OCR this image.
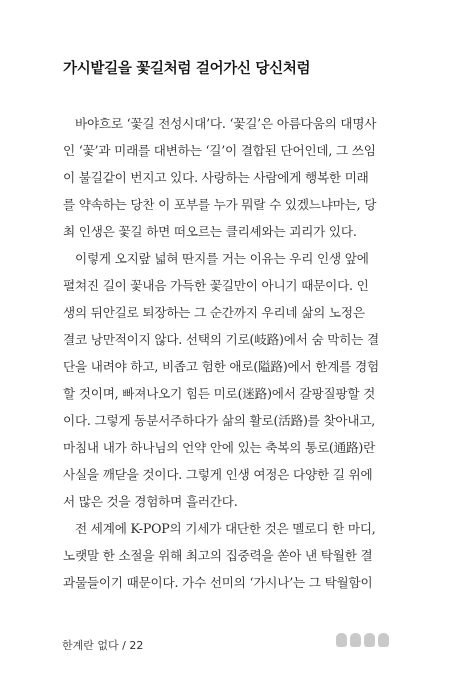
가시밭길을 꽃길처럼 걸어가신 당신처럼
바야흐로 ‘꽃길 전성시대’다. ‘꽃길’은 아름다움의 대명사
인 ‘꽃’과 미래를 대변하는 ‘길’이 결합된 단어인데, 그 쓰임
이 불길같이 번지고 있다. 사랑하는 사람에게 행복한 미래
를 약속하는 당찬 이 포부를 누가 뭐랄 수 있겠느냐마는, 당
최 인생은 꽃길 하면 떠오르는 클리셰와는 괴리가 있다.
이렇게 오지랖 넓혀 딴지를 거는 이유는 우리 인생 앞에
펼쳐진 길이 꽃내음 가득한 꽃길만이 아니기 때문이다. 인
생의 뒤안길로 퇴장하는 그 순간까지 우리네 삶의 노정은
결코 낭만적이지 않다. 선택의 기로(岐路)에서 숨 막히는 결
단을 내려야 하고, 비좁고 험한 애로(隘路)에서 한계를 경험
할 것이며, 빠져나오기 힘든 미로(迷路)에서 갈팡질팡할 것
이다. 그렇게 동분서주하다가 삶의 활로(活路)를 찾아내고,
마침내 내가 하나님의 언약 안에 있는 축복의 통로(通路)란
사실을 깨닫을 것이다. 그렇게 인생 여정은 다양한 길 위에
서 많은 것을 경험하며 흘러간다.
전 세계에 K-POP의 기세가 대단한 것은 멜로디 한 마디,
노랫말 한 소절을 위해 최고의 집중력을 쏟아 낸 탁월한 결
과물들이기 때문이다. 가수 선미의 ‘가시나’는 그 탁월함이
한계란 없다 / 22
